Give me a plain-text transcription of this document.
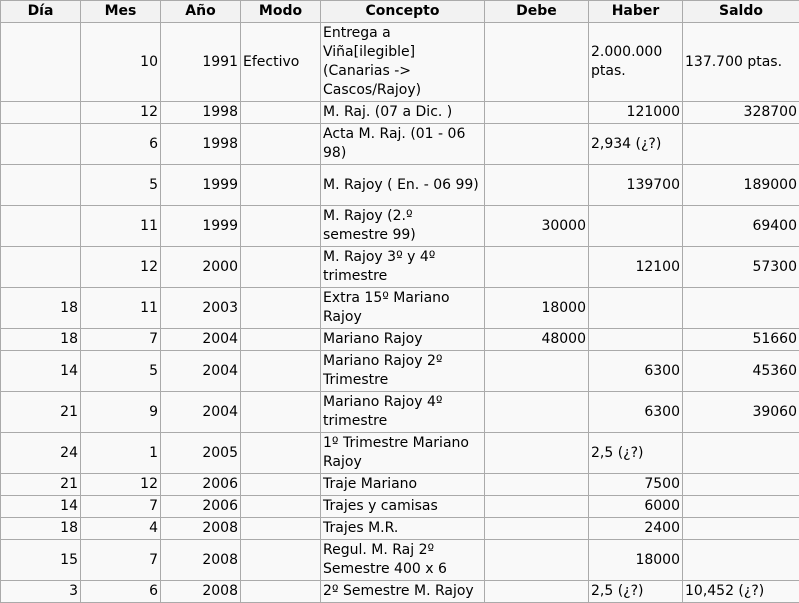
Día	Mes	Año	Modo	Concepto	Debe	Haber	Saldo
	10	1991	Efectivo	Entrega a Viña[ilegible] (Canarias -> Cascos/Rajoy)		2.000.000 ptas.	137.700 ptas.
	12	1998		M. Raj. (07 a Dic. )		121000	328700
	6	1998		Acta M. Raj. (01 - 06 98)		2,934 (¿?)	
	5	1999		M. Rajoy ( En. - 06 99)		139700	189000
	11	1999		M. Rajoy (2.º semestre 99)	30000		69400
	12	2000		M. Rajoy 3º y 4º trimestre		12100	57300
18	11	2003		Extra 15º Mariano Rajoy	18000		
18	7	2004		Mariano Rajoy	48000		51660
14	5	2004		Mariano Rajoy 2º Trimestre		6300	45360
21	9	2004		Mariano Rajoy 4º trimestre		6300	39060
24	1	2005		1º Trimestre Mariano Rajoy		2,5 (¿?)	
21	12	2006		Traje Mariano		7500	
14	7	2006		Trajes y camisas		6000	
18	4	2008		Trajes M.R.		2400	
15	7	2008		Regul. M. Raj 2º Semestre 400 x 6		18000	
3	6	2008		2º Semestre M. Rajoy		2,5 (¿?)	10,452 (¿?)
